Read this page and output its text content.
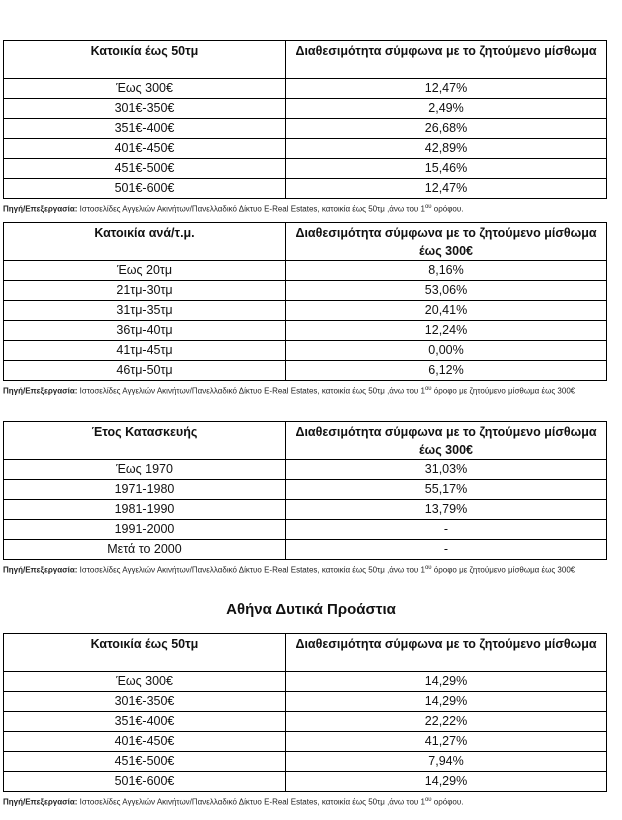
Κατοικία έως 50τμ	Διαθεσιμότητα σύμφωνα με το ζητούμενο μίσθωμα
Έως 300€	12,47%
301€-350€	2,49%
351€-400€	26,68%
401€-450€	42,89%
451€-500€	15,46%
501€-600€	12,47%
Πηγή/Επεξεργασία: Ιστοσελίδες Αγγελιών Ακινήτων/Πανελλαδικό Δίκτυο E-Real Estates, κατοικία έως 50τμ ,άνω του $1^{o\upsilon}$ ορόφου.
Κατοικία ανά/τ.μ.	Διαθεσιμότητα σύμφωνα με το ζητούμενο μίσθωμα έως 300€
Έως 20τμ	8,16%
21τμ-30τμ	53,06%
31τμ-35τμ	20,41%
36τμ-40τμ	12,24%
41τμ-45τμ	0,00%
46τμ-50τμ	6,12%
Πηγή/Επεξεργασία: Ιστοσελίδες Αγγελιών Ακινήτων/Πανελλαδικό Δίκτυο E-Real Estates, κατοικία έως 50τμ ,άνω του $1^{o\upsilon}$ όροφο με ζητούμενο μίσθωμα έως 300€
Έτος Κατασκευής	Διαθεσιμότητα σύμφωνα με το ζητούμενο μίσθωμα έως 300€
Έως 1970	31,03%
1971-1980	55,17%
1981-1990	13,79%
1991-2000	-
Μετά το 2000	-
Πηγή/Επεξεργασία: Ιστοσελίδες Αγγελιών Ακινήτων/Πανελλαδικό Δίκτυο E-Real Estates, κατοικία έως 50τμ ,άνω του $1^{o\upsilon}$ όροφο με ζητούμενο μίσθωμα έως 300€
Αθήνα Δυτικά Προάστια
Κατοικία έως 50τμ	Διαθεσιμότητα σύμφωνα με το ζητούμενο μίσθωμα
Έως 300€	14,29%
301€-350€	14,29%
351€-400€	22,22%
401€-450€	41,27%
451€-500€	7,94%
501€-600€	14,29%
Πηγή/Επεξεργασία: Ιστοσελίδες Αγγελιών Ακινήτων/Πανελλαδικό Δίκτυο E-Real Estates, κατοικία έως 50τμ ,άνω του $1^{o\upsilon}$ ορόφου.
